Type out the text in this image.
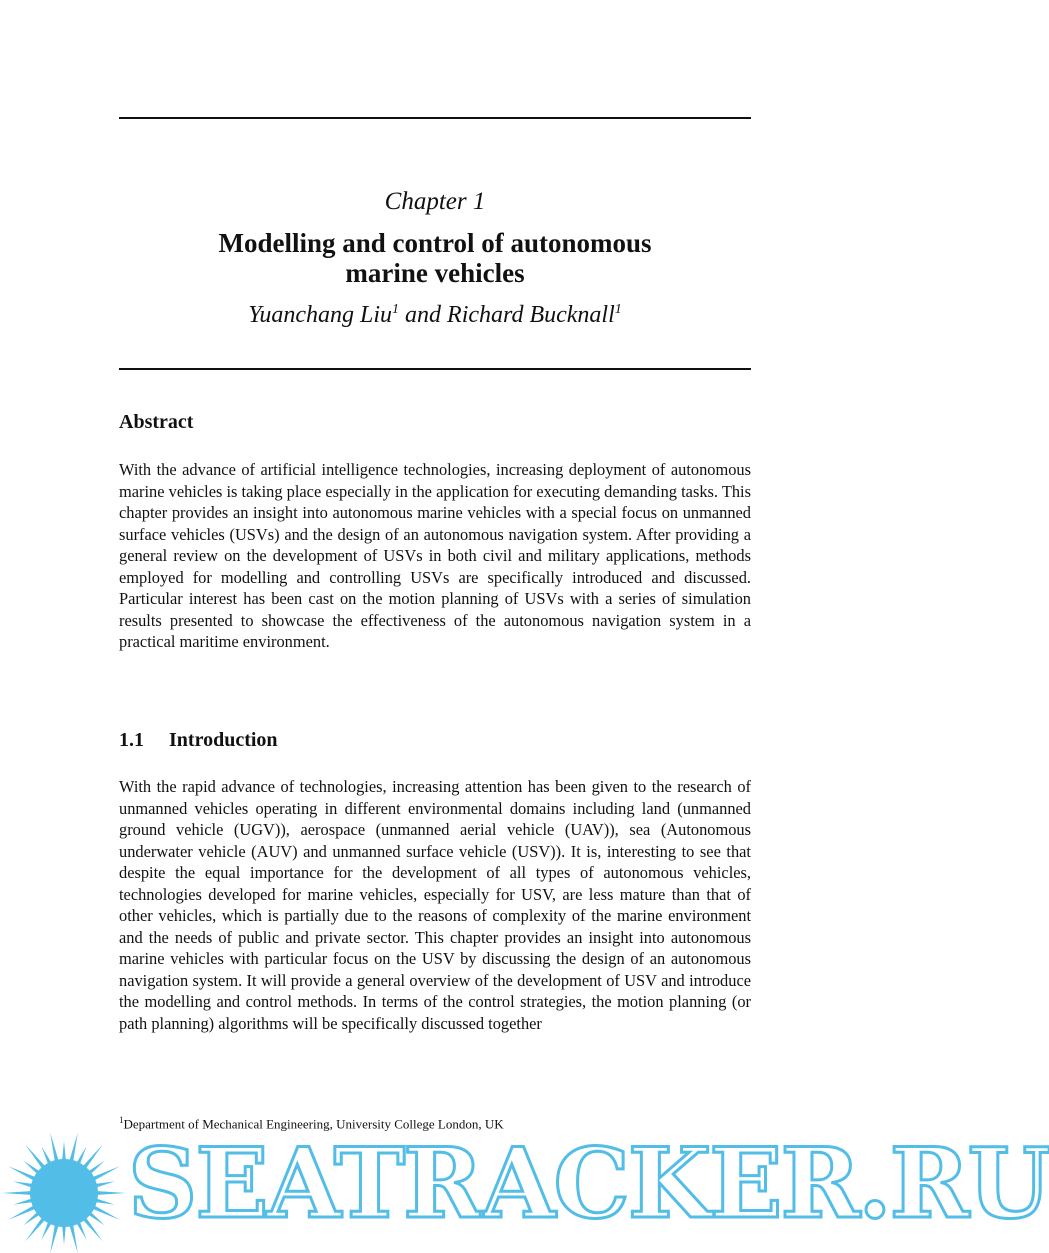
Chapter 1
Modelling and control of autonomous
marine vehicles
Yuanchang Liu$^1$ and Richard Bucknall$^1$
Abstract

With the advance of artificial intelligence technologies, increasing deployment of autonomous marine vehicles is taking place especially in the application for executing demanding tasks. This chapter provides an insight into autonomous marine vehicles with a special focus on unmanned surface vehicles (USVs) and the design of an autonomous navigation system. After providing a general review on the development of USVs in both civil and military applications, methods employed for modelling and controlling USVs are specifically introduced and discussed. Particular interest has been cast on the motion planning of USVs with a series of simulation results presented to showcase the effectiveness of the autonomous navigation system in a practical maritime environment.

1.1 Introduction

With the rapid advance of technologies, increasing attention has been given to the research of unmanned vehicles operating in different environmental domains including land (unmanned ground vehicle (UGV)), aerospace (unmanned aerial vehicle (UAV)), sea (Autonomous underwater vehicle (AUV) and unmanned surface vehicle (USV)). It is, interesting to see that despite the equal importance for the development of all types of autonomous vehicles, technologies developed for marine vehicles, especially for USV, are less mature than that of other vehicles, which is partially due to the reasons of complexity of the marine environment and the needs of public and private sector. This chapter provides an insight into autonomous marine vehicles with particular focus on the USV by discussing the design of an autonomous navigation system. It will provide a general overview of the development of USV and introduce the modelling and control methods. In terms of the control strategies, the motion planning (or path planning) algorithms will be specifically discussed together

$^1$Department of Mechanical Engineering, University College London, UK
SEATRACKER.RU
